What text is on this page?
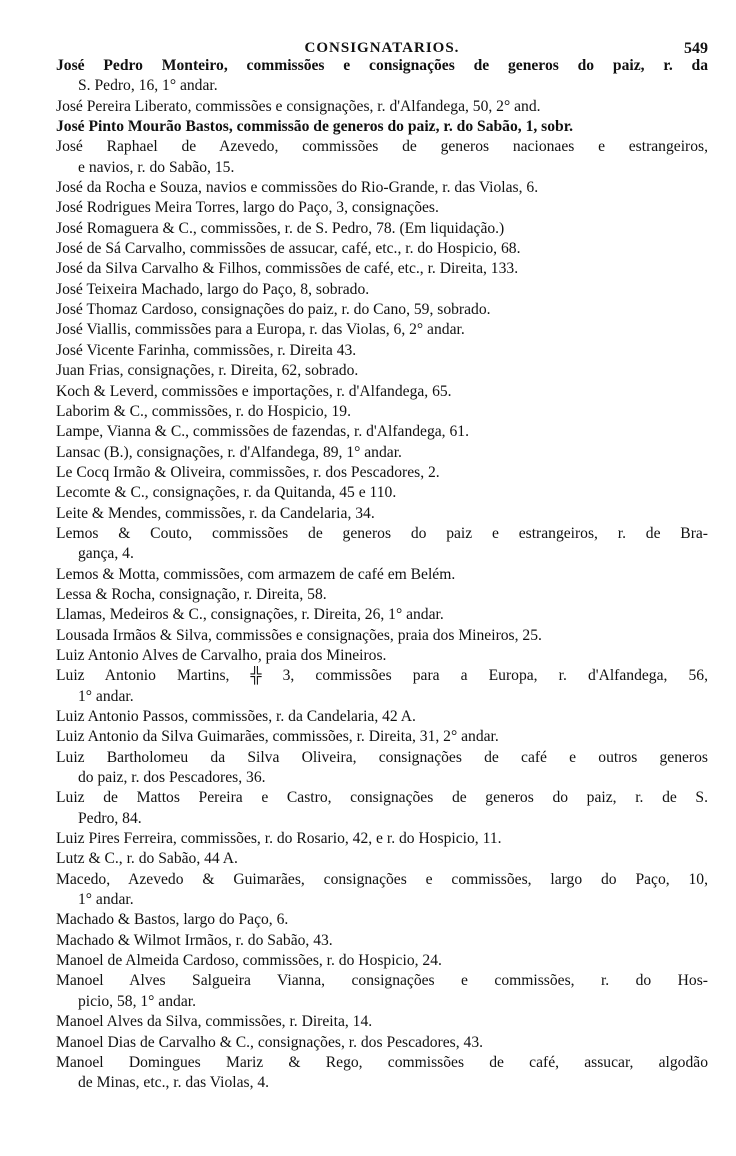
CONSIGNATARIOS.	549
José Pedro Monteiro, commissões e consignações de generos do paiz, r. da
S. Pedro, 16, 1° andar.
José Pereira Liberato, commissões e consignações, r. d'Alfandega, 50, 2° and.
José Pinto Mourão Bastos, commissão de generos do paiz, r. do Sabão, 1, sobr.
José Raphael de Azevedo, commissões de generos nacionaes e estrangeiros,
e navios, r. do Sabão, 15.
José da Rocha e Souza, navios e commissões do Rio-Grande, r. das Violas, 6.
José Rodrigues Meira Torres, largo do Paço, 3, consignações.
José Romaguera & C., commissões, r. de S. Pedro, 78. (Em liquidação.)
José de Sá Carvalho, commissões de assucar, café, etc., r. do Hospicio, 68.
José da Silva Carvalho & Filhos, commissões de café, etc., r. Direita, 133.
José Teixeira Machado, largo do Paço, 8, sobrado.
José Thomaz Cardoso, consignações do paiz, r. do Cano, 59, sobrado.
José Viallis, commissões para a Europa, r. das Violas, 6, 2° andar.
José Vicente Farinha, commissões, r. Direita 43.
Juan Frias, consignações, r. Direita, 62, sobrado.
Koch & Leverd, commissões e importações, r. d'Alfandega, 65.
Laborim & C., commissões, r. do Hospicio, 19.
Lampe, Vianna & C., commissões de fazendas, r. d'Alfandega, 61.
Lansac (B.), consignações, r. d'Alfandega, 89, 1° andar.
Le Cocq Irmão & Oliveira, commissões, r. dos Pescadores, 2.
Lecomte & C., consignações, r. da Quitanda, 45 e 110.
Leite & Mendes, commissões, r. da Candelaria, 34.
Lemos & Couto, commissões de generos do paiz e estrangeiros, r. de Bra-
gança, 4.
Lemos & Motta, commissões, com armazem de café em Belém.
Lessa & Rocha, consignação, r. Direita, 58.
Llamas, Medeiros & C., consignações, r. Direita, 26, 1° andar.
Lousada Irmãos & Silva, commissões e consignações, praia dos Mineiros, 25.
Luiz Antonio Alves de Carvalho, praia dos Mineiros.
Luiz Antonio Martins, ╬ 3, commissões para a Europa, r. d'Alfandega, 56,
1° andar.
Luiz Antonio Passos, commissões, r. da Candelaria, 42 A.
Luiz Antonio da Silva Guimarães, commissões, r. Direita, 31, 2° andar.
Luiz Bartholomeu da Silva Oliveira, consignações de café e outros generos
do paiz, r. dos Pescadores, 36.
Luiz de Mattos Pereira e Castro, consignações de generos do paiz, r. de S.
Pedro, 84.
Luiz Pires Ferreira, commissões, r. do Rosario, 42, e r. do Hospicio, 11.
Lutz & C., r. do Sabão, 44 A.
Macedo, Azevedo & Guimarães, consignações e commissões, largo do Paço, 10,
1° andar.
Machado & Bastos, largo do Paço, 6.
Machado & Wilmot Irmãos, r. do Sabão, 43.
Manoel de Almeida Cardoso, commissões, r. do Hospicio, 24.
Manoel Alves Salgueira Vianna, consignações e commissões, r. do Hos-
picio, 58, 1° andar.
Manoel Alves da Silva, commissões, r. Direita, 14.
Manoel Dias de Carvalho & C., consignações, r. dos Pescadores, 43.
Manoel Domingues Mariz & Rego, commissões de café, assucar, algodão
de Minas, etc., r. das Violas, 4.
